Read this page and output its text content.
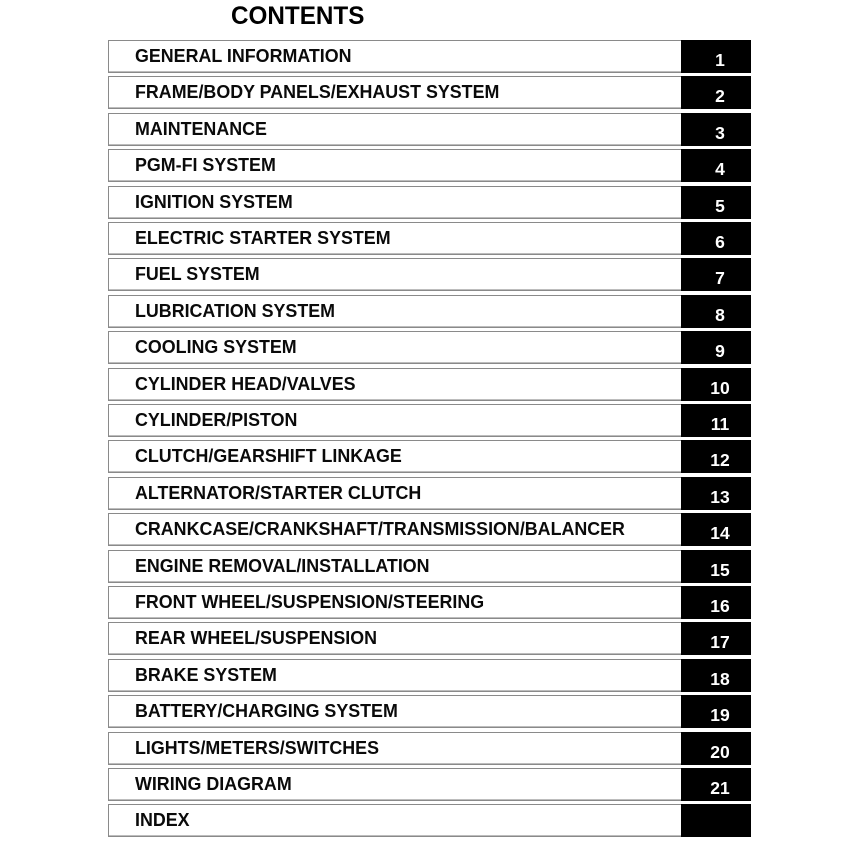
CONTENTS
GENERAL INFORMATION	1
FRAME/BODY PANELS/EXHAUST SYSTEM	2
MAINTENANCE	3
PGM-FI SYSTEM	4
IGNITION SYSTEM	5
ELECTRIC STARTER SYSTEM	6
FUEL SYSTEM	7
LUBRICATION SYSTEM	8
COOLING SYSTEM	9
CYLINDER HEAD/VALVES	10
CYLINDER/PISTON	11
CLUTCH/GEARSHIFT LINKAGE	12
ALTERNATOR/STARTER CLUTCH	13
CRANKCASE/CRANKSHAFT/TRANSMISSION/BALANCER	14
ENGINE REMOVAL/INSTALLATION	15
FRONT WHEEL/SUSPENSION/STEERING	16
REAR WHEEL/SUSPENSION	17
BRAKE SYSTEM	18
BATTERY/CHARGING SYSTEM	19
LIGHTS/METERS/SWITCHES	20
WIRING DIAGRAM	21
INDEX
